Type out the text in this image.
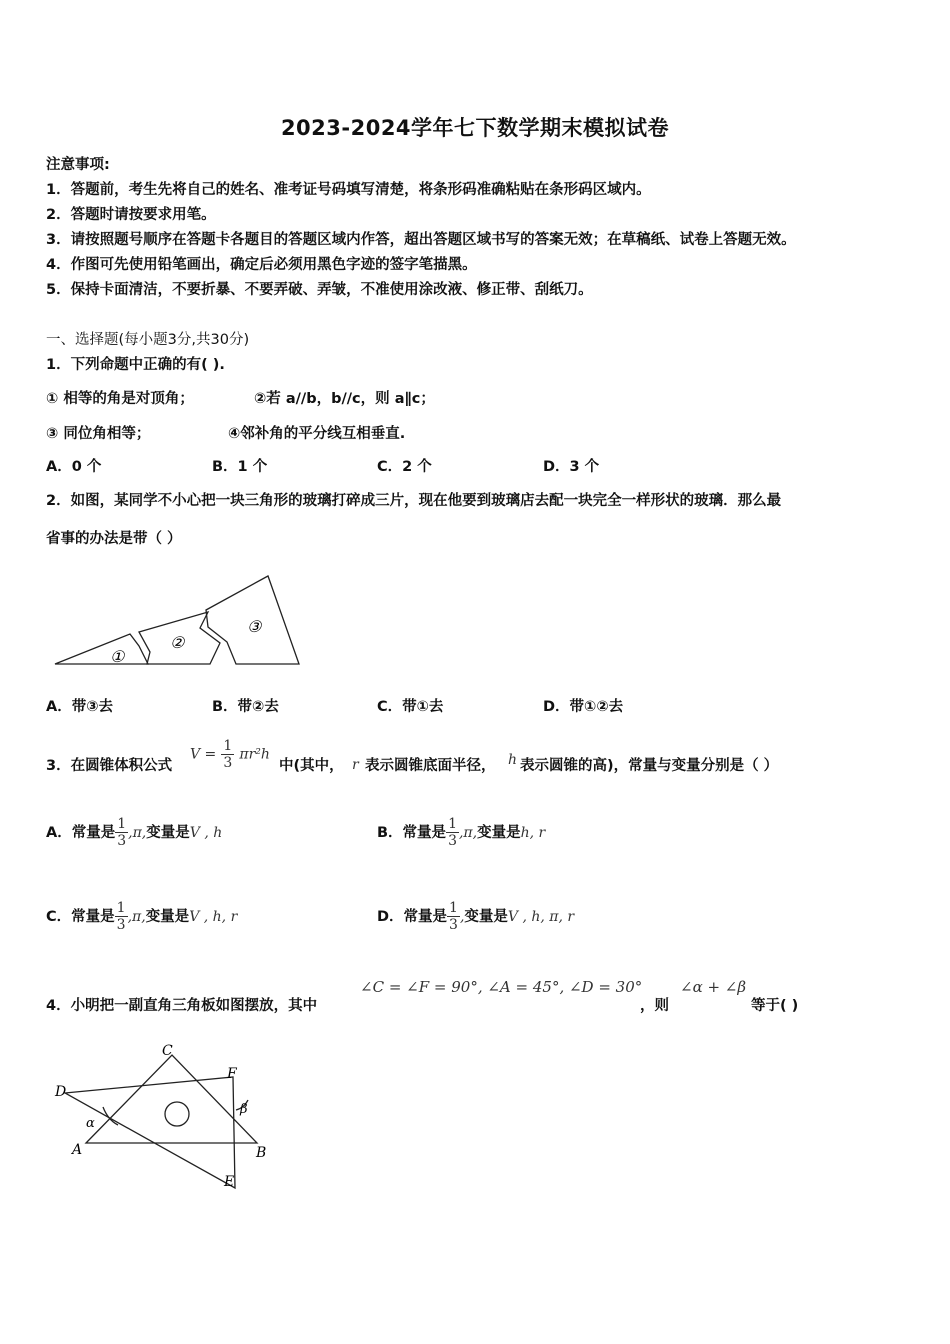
2023-2024学年七下数学期末模拟试卷
注意事项:
1．答题前，考生先将自己的姓名、准考证号码填写清楚，将条形码准确粘贴在条形码区域内。
2．答题时请按要求用笔。
3．请按照题号顺序在答题卡各题目的答题区域内作答，超出答题区域书写的答案无效；在草稿纸、试卷上答题无效。
4．作图可先使用铅笔画出，确定后必须用黑色字迹的签字笔描黑。
5．保持卡面清洁，不要折暴、不要弄破、弄皱，不准使用涂改液、修正带、刮纸刀。
一、选择题(每小题3分,共30分)
1．下列命题中正确的有( ).
① 相等的角是对顶角；	②若 a//b，b//c，则 a∥c；
③ 同位角相等；	④邻补角的平分线互相垂直.
A．0 个	B．1 个	C．2 个	D．3 个
2．如图，某同学不小心把一块三角形的玻璃打碎成三片，现在他要到玻璃店去配一块完全一样形状的玻璃．那么最
省事的办法是带（ ）
①
②
③
A．带③去	B．带②去	C．带①去	D．带①②去
3．在圆锥体积公式
$V = \frac{1}{3} \pi r^2h$
中(其中， r 表示圆锥底面半径， h 表示圆锥的高)，常量与变量分别是（ ）
A．常量是 $\frac{1}{3} ,\pi$,变量是V , h	B．常量是 $\frac{1}{3} ,\pi$,变量是h, r
C．常量是 $\frac{1}{3} ,\pi$,变量是V , h, r	D．常量是 $\frac{1}{3}$ ,变量是V , h, π, r
4．小明把一副直角三角板如图摆放，其中
∠C = ∠F = 90°, ∠A = 45°, ∠D = 30°
，则
∠α + ∠β
等于( )
C
D
F
A	B
E
α
β
